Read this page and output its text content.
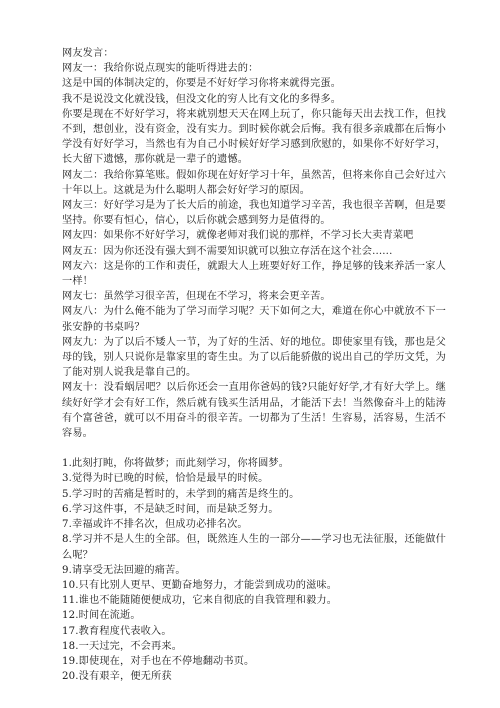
网友发言：

网友一：我给你说点现实的能听得进去的：

这是中国的体制决定的，你要是不好好学习你将来就得完蛋。

我不是说没文化就没钱，但没文化的穷人比有文化的多得多。

你要是现在不好好学习，将来就别想天天在网上玩了，你只能每天出去找工作，但找不到，想创业，没有资金，没有实力。到时候你就会后悔。我有很多亲戚都在后悔小学没有好好学习，当然也有为自己小时候好好学习感到欣慰的，如果你不好好学习，长大留下遗憾，那你就是一辈子的遗憾。

网友二：我给你算笔账。假如你现在好好学习十年，虽然苦，但将来你自己会好过六十年以上。这就是为什么聪明人都会好好学习的原因。

网友三：好好学习是为了长大后的前途，我也知道学习辛苦，我也很辛苦啊，但是要坚持。你要有恒心，信心，以后你就会感到努力是值得的。

网友四：如果你不好好学习，就像老师对我们说的那样，不学习长大卖青菜吧

网友五：因为你还没有强大到不需要知识就可以独立存活在这个社会......

网友六：这是你的工作和责任，就跟大人上班要好好工作，挣足够的钱来养活一家人一样！

网友七：虽然学习很辛苦，但现在不学习，将来会更辛苦。

网友八：为什么俺不能为了学习而学习呢？天下如何之大，难道在你心中就放不下一张安静的书桌吗？

网友九：为了以后不矮人一节，为了好的生活、好的地位。即使家里有钱，那也是父母的钱，别人只说你是靠家里的寄生虫。为了以后能骄傲的说出自己的学历文凭，为了能对别人说我是靠自己的。

网友十：没看蜗居吧？以后你还会一直用你爸妈的钱?只能好好学,才有好大学上。继续好好学才会有好工作，然后就有钱买生活用品，才能活下去！当然像奋斗上的陆涛有个富爸爸，就可以不用奋斗的很辛苦。一切都为了生活！生容易，活容易，生活不容易。

1.此刻打盹，你将做梦；而此刻学习，你将圆梦。

3.觉得为时已晚的时候，恰恰是最早的时候。

5.学习时的苦痛是暂时的，未学到的痛苦是终生的。

6.学习这件事，不是缺乏时间，而是缺乏努力。

7.幸福或许不排名次，但成功必排名次。

8.学习并不是人生的全部。但，既然连人生的一部分——学习也无法征服，还能做什么呢？

9.请享受无法回避的痛苦。

10.只有比别人更早、更勤奋地努力，才能尝到成功的滋味。

11.谁也不能随随便便成功，它来自彻底的自我管理和毅力。

12.时间在流逝。

17.教育程度代表收入。

18.一天过完，不会再来。

19.即使现在，对手也在不停地翻动书页。

20.没有艰辛，便无所获
